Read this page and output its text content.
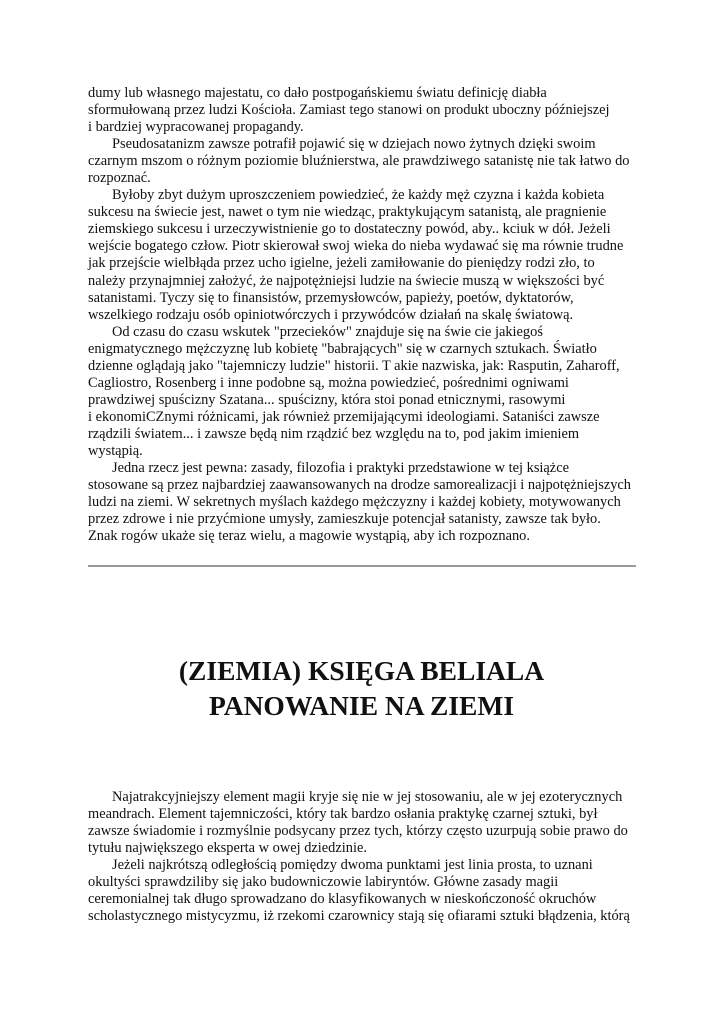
dumy lub własnego majestatu, co dało postpogańskiemu światu definicję diabła
sformułowaną przez ludzi Kościoła. Zamiast tego stanowi on produkt uboczny późniejszej
i bardziej wypracowanej propagandy.
Pseudosatanizm zawsze potrafił pojawić się w dziejach nowo żytnych dzięki swoim
czarnym mszom o różnym poziomie bluźnierstwa, ale prawdziwego satanistę nie tak łatwo do
rozpoznać.
Byłoby zbyt dużym uproszczeniem powiedzieć, że każdy męż czyzna i każda kobieta
sukcesu na świecie jest, nawet o tym nie wiedząc, praktykującym satanistą, ale pragnienie
ziemskiego sukcesu i urzeczywistnienie go to dostateczny powód, aby.. kciuk w dół. Jeżeli
wejście bogatego człow. Piotr skierował swoj wieka do nieba wydawać się ma równie trudne
jak przejście wielbłąda przez ucho igielne, jeżeli zamiłowanie do pieniędzy rodzi zło, to
należy przynajmniej założyć, że najpotężniejsi ludzie na świecie muszą w większości być
satanistami. Tyczy się to finansistów, przemysłowców, papieży, poetów, dyktatorów,
wszelkiego rodzaju osób opiniotwórczych i przywódców działań na skalę światową.
Od czasu do czasu wskutek "przecieków" znajduje się na świe cie jakiegoś
enigmatycznego mężczyznę lub kobietę "babrających" się w czarnych sztukach. Światło
dzienne oglądają jako "tajemniczy ludzie" historii. T akie nazwiska, jak: Rasputin, Zaharoff,
Cagliostro, Rosenberg i inne podobne są, można powiedzieć, pośrednimi ogniwami
prawdziwej spuścizny Szatana... spuścizny, która stoi ponad etnicznymi, rasowymi
i ekonomiCZnymi różnicami, jak również przemijającymi ideologiami. Sataniści zawsze
rządzili światem... i zawsze będą nim rządzić bez względu na to, pod jakim imieniem
wystąpią.
Jedna rzecz jest pewna: zasady, filozofia i praktyki przedstawione w tej książce
stosowane są przez najbardziej zaawansowanych na drodze samorealizacji i najpotężniejszych
ludzi na ziemi. W sekretnych myślach każdego mężczyzny i każdej kobiety, motywowanych
przez zdrowe i nie przyćmione umysły, zamieszkuje potencjał satanisty, zawsze tak było.
Znak rogów ukaże się teraz wielu, a magowie wystąpią, aby ich rozpoznano.
(ZIEMIA) KSIĘGA BELIALA
PANOWANIE NA ZIEMI
Najatrakcyjniejszy element magii kryje się nie w jej stosowaniu, ale w jej ezoterycznych
meandrach. Element tajemniczości, który tak bardzo osłania praktykę czarnej sztuki, był
zawsze świadomie i rozmyślnie podsycany przez tych, którzy często uzurpują sobie prawo do
tytułu największego eksperta w owej dziedzinie.
Jeżeli najkrótszą odległością pomiędzy dwoma punktami jest linia prosta, to uznani
okultyści sprawdziliby się jako budowniczowie labiryntów. Główne zasady magii
ceremonialnej tak długo sprowadzano do klasyfikowanych w nieskończoność okruchów
scholastycznego mistycyzmu, iż rzekomi czarownicy stają się ofiarami sztuki błądzenia, którą
